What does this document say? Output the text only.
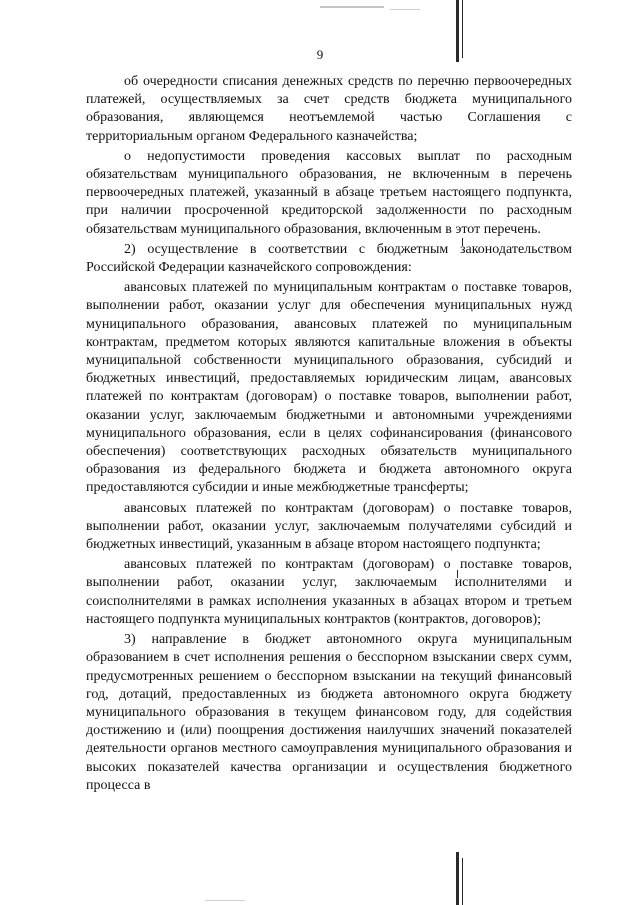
9

об очередности списания денежных средств по перечню первоочередных платежей, осуществляемых за счет средств бюджета муниципального образования, являющемся неотъемлемой частью Соглашения с территориальным органом Федерального казначейства;

о недопустимости проведения кассовых выплат по расходным обязательствам муниципального образования, не включенным в перечень первоочередных платежей, указанный в абзаце третьем настоящего подпункта, при наличии просроченной кредиторской задолженности по расходным обязательствам муниципального образования, включенным в этот перечень.

2) осуществление в соответствии с бюджетным законодательством Российской Федерации казначейского сопровождения:

авансовых платежей по муниципальным контрактам о поставке товаров, выполнении работ, оказании услуг для обеспечения муниципальных нужд муниципального образования, авансовых платежей по муниципальным контрактам, предметом которых являются капитальные вложения в объекты муниципальной собственности муниципального образования, субсидий и бюджетных инвестиций, предоставляемых юридическим лицам, авансовых платежей по контрактам (договорам) о поставке товаров, выполнении работ, оказании услуг, заключаемым бюджетными и автономными учреждениями муниципального образования, если в целях софинансирования (финансового обеспечения) соответствующих расходных обязательств муниципального образования из федерального бюджета и бюджета автономного округа предоставляются субсидии и иные межбюджетные трансферты;

авансовых платежей по контрактам (договорам) о поставке товаров, выполнении работ, оказании услуг, заключаемым получателями субсидий и бюджетных инвестиций, указанным в абзаце втором настоящего подпункта;

авансовых платежей по контрактам (договорам) о поставке товаров, выполнении работ, оказании услуг, заключаемым исполнителями и соисполнителями в рамках исполнения указанных в абзацах втором и третьем настоящего подпункта муниципальных контрактов (контрактов, договоров);

3) направление в бюджет автономного округа муниципальным образованием в счет исполнения решения о бесспорном взыскании сверх сумм, предусмотренных решением о бесспорном взыскании на текущий финансовый год, дотаций, предоставленных из бюджета автономного округа бюджету муниципального образования в текущем финансовом году, для содействия достижению и (или) поощрения достижения наилучших значений показателей деятельности органов местного самоуправления муниципального образования и высоких показателей качества организации и осуществления бюджетного процесса в
